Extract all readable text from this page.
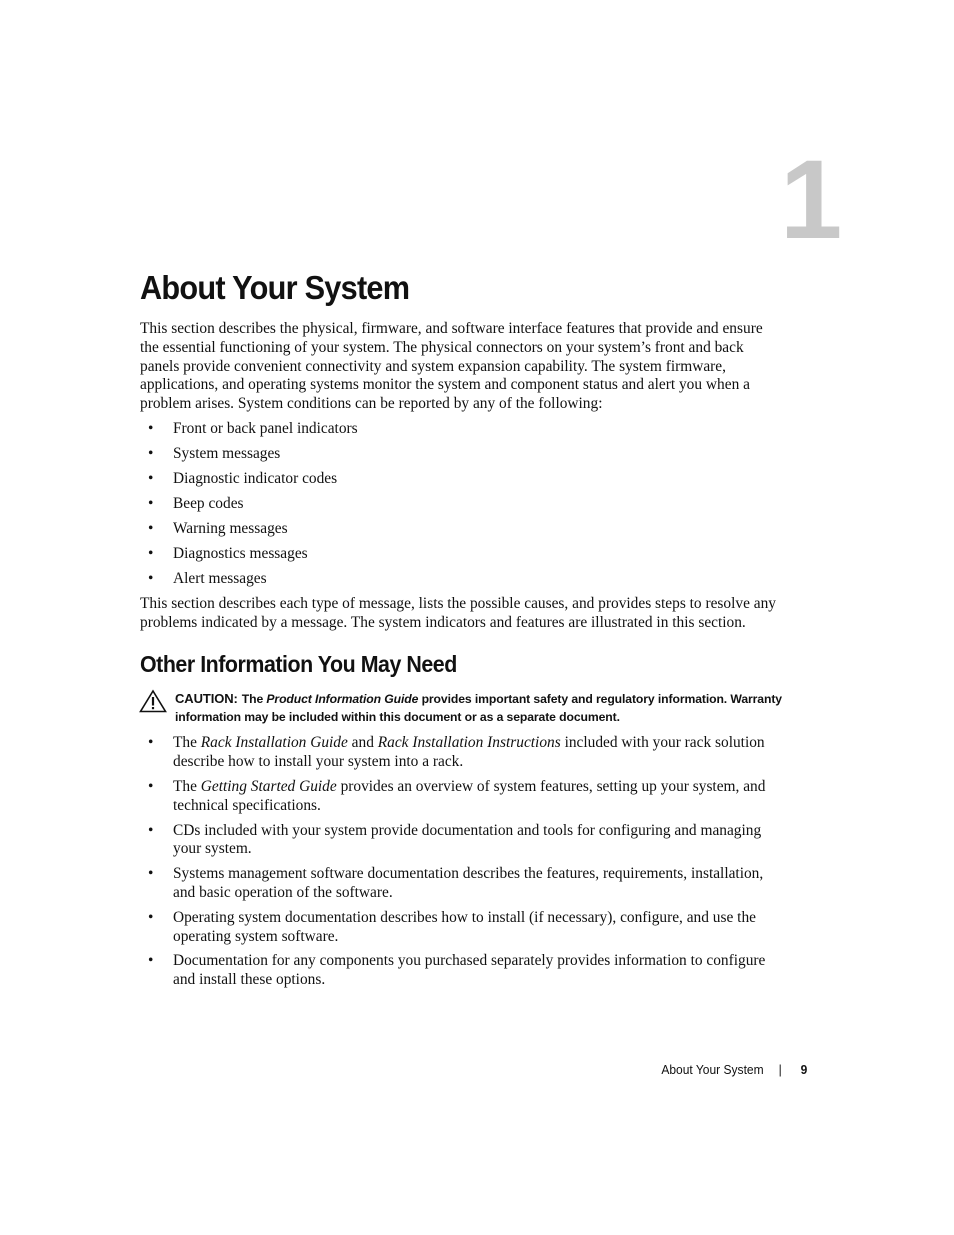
1
About Your System

This section describes the physical, firmware, and software interface features that provide and ensure the essential functioning of your system. The physical connectors on your system’s front and back panels provide convenient connectivity and system expansion capability. The system firmware, applications, and operating systems monitor the system and component status and alert you when a problem arises. System conditions can be reported by any of the following:

• Front or back panel indicators
• System messages
• Diagnostic indicator codes
• Beep codes
• Warning messages
• Diagnostics messages
• Alert messages

This section describes each type of message, lists the possible causes, and provides steps to resolve any problems indicated by a message. The system indicators and features are illustrated in this section.

Other Information You May Need
CAUTION: The Product Information Guide provides important safety and regulatory information. Warranty information may be included within this document or as a separate document.
• The Rack Installation Guide and Rack Installation Instructions included with your rack solution describe how to install your system into a rack.
• The Getting Started Guide provides an overview of system features, setting up your system, and technical specifications.
• CDs included with your system provide documentation and tools for configuring and managing your system.
• Systems management software documentation describes the features, requirements, installation, and basic operation of the software.
• Operating system documentation describes how to install (if necessary), configure, and use the operating system software.
• Documentation for any components you purchased separately provides information to configure and install these options.
About Your System | 9
